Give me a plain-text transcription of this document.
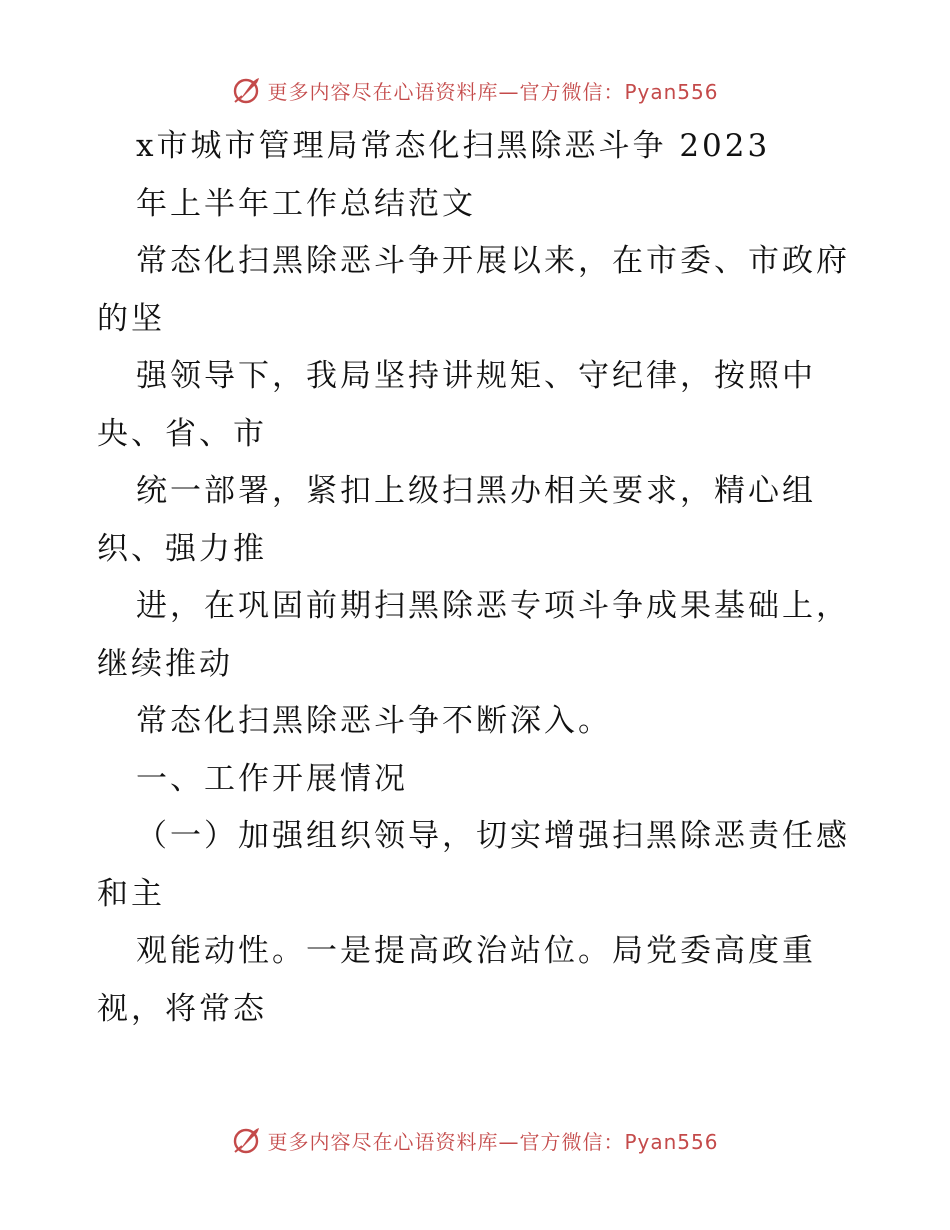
更多内容尽在心语资料库—官方微信：Pyan556
x市城市管理局常态化扫黑除恶斗争 2023
年上半年工作总结范文
常态化扫黑除恶斗争开展以来，在市委、市政府
的坚
强领导下，我局坚持讲规矩、守纪律，按照中
央、省、市
统一部署，紧扣上级扫黑办相关要求，精心组
织、强力推
进，在巩固前期扫黑除恶专项斗争成果基础上，
继续推动
常态化扫黑除恶斗争不断深入。
一、工作开展情况
（一）加强组织领导，切实增强扫黑除恶责任感
和主
观能动性。一是提高政治站位。局党委高度重
视，将常态
更多内容尽在心语资料库—官方微信：Pyan556
